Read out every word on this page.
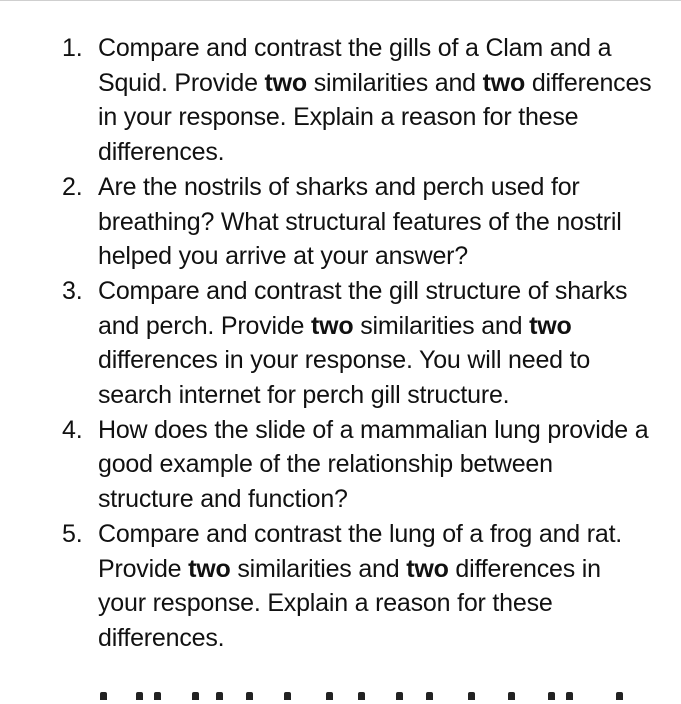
1. Compare and contrast the gills of a Clam and a Squid. Provide two similarities and two differences in your response. Explain a reason for these differences.
2. Are the nostrils of sharks and perch used for breathing? What structural features of the nostril helped you arrive at your answer?
3. Compare and contrast the gill structure of sharks and perch. Provide two similarities and two differences in your response. You will need to search internet for perch gill structure.
4. How does the slide of a mammalian lung provide a good example of the relationship between structure and function?
5. Compare and contrast the lung of a frog and rat. Provide two similarities and two differences in your response. Explain a reason for these differences.
